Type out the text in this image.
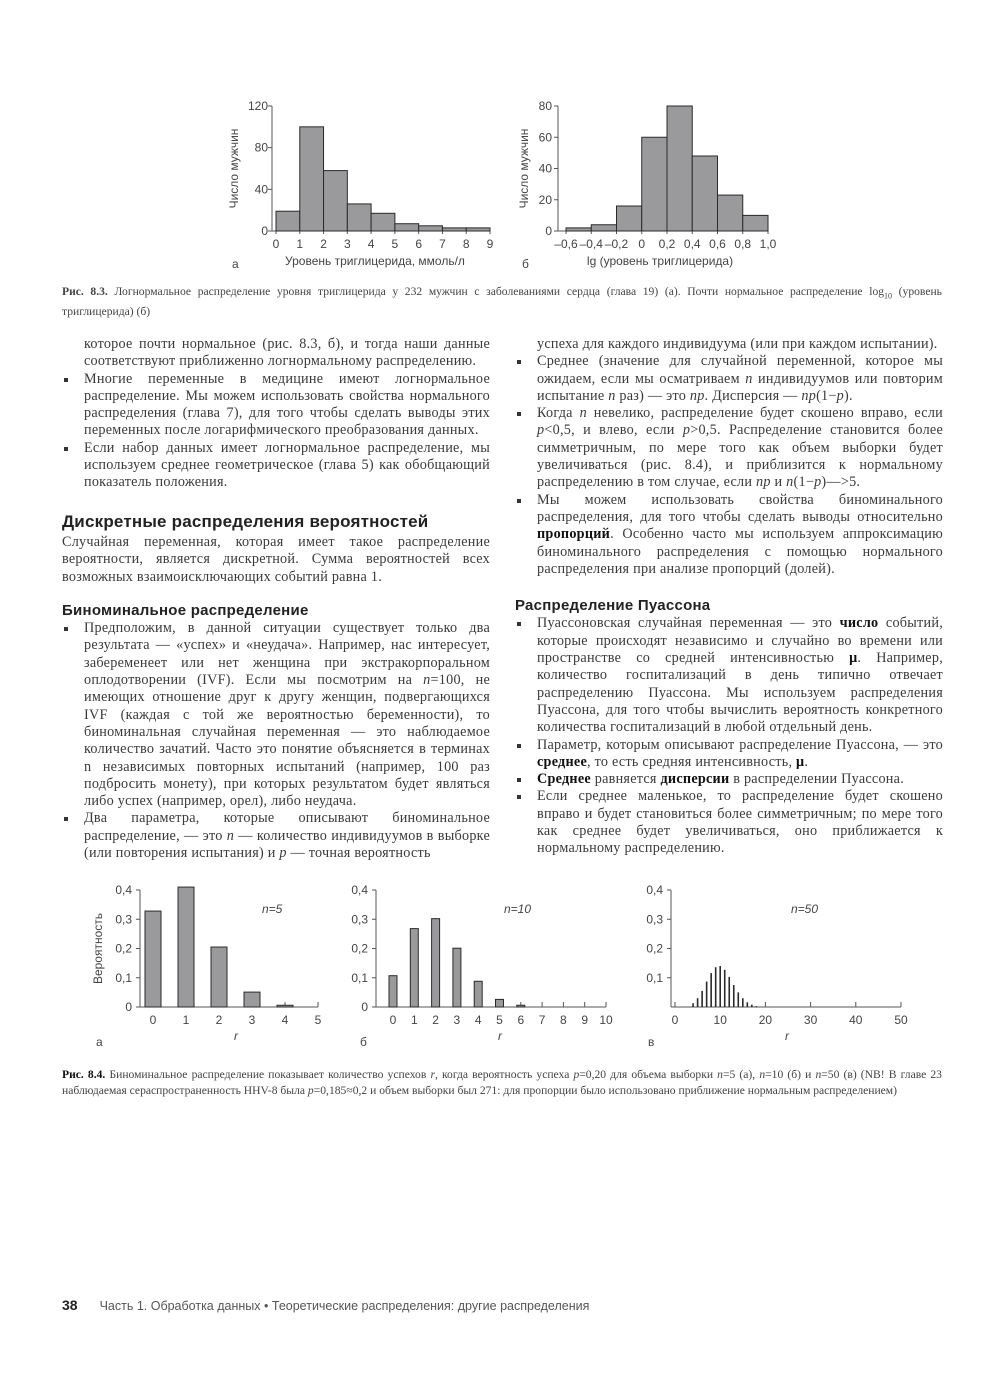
0
40
80
120
0 1 2 3 4 5 6 7 8 9
Уровень триглицерида, ммоль/л
Число мужчин
а
0
20
40
60
80
–0,6 –0,4 –0,2 0 0,2 0,4 0,6 0,8 1,0
lg (уровень триглицерида)
Число мужчин
б
0
0,1
0,2
0,3
0,4
0 1 2 3 4 5
r
Вероятность
а
n=5
0
0,1
0,2
0,3
0,4
0 1 2 3 4 5 6 7 8 9 10
r
б
n=10
0,1
0,2
0,3
0,4
0	10	20	30	40	50
r
в
n=50
Рис. 8.3. Логнормальное распределение уровня триглицерида у 232 мужчин с заболеваниями сердца (глава 19) (а). Почти нормальное распределение $\log_{10}$ (уровень триглицерида) (б)

которое почти нормальное (рис. 8.3, б), и тогда наши данные соответствуют приближенно логнормальному распределению.

Многие переменные в медицине имеют логнормальное распределение. Мы можем использовать свойства нормального распределения (глава 7), для того чтобы сделать выводы этих переменных после логарифмического преобразования данных.

Если набор данных имеет логнормальное распределение, мы используем среднее геометрическое (глава 5) как обобщающий показатель положения.

Дискретные распределения вероятностей

Случайная переменная, которая имеет такое распределение вероятности, является дискретной. Сумма вероятностей всех возможных взаимоисключающих событий равна 1.

Биноминальное распределение

Предположим, в данной ситуации существует только два результата — «успех» и «неудача». Например, нас интересует, забеременеет или нет женщина при экстракорпоральном оплодотворении (IVF). Если мы посмотрим на n=100, не имеющих отношение друг к другу женщин, подвергающихся IVF (каждая с той же вероятностью беременности), то биноминальная случайная переменная — это наблюдаемое количество зачатий. Часто это понятие объясняется в терминах n независимых повторных испытаний (например, 100 раз подбросить монету), при которых результатом будет являться либо успех (например, орел), либо неудача.

Два параметра, которые описывают биноминальное распределение, — это n — количество индивидуумов в выборке (или повторения испытания) и p — точная вероятность

успеха для каждого индивидуума (или при каждом испытании).

Среднее (значение для случайной переменной, которое мы ожидаем, если мы осматриваем n индивидуумов или повторим испытание n раз) — это np. Дисперсия — np(1−p).

Когда n невелико, распределение будет скошено вправо, если p<0,5, и влево, если p>0,5. Распределение становится более симметричным, по мере того как объем выборки будет увеличиваться (рис. 8.4), и приблизится к нормальному распределению в том случае, если np и n(1−p)—>5.

Мы можем использовать свойства биноминального распределения, для того чтобы сделать выводы относительно пропорций. Особенно часто мы используем аппроксимацию биноминального распределения с помощью нормального распределения при анализе пропорций (долей).

Распределение Пуассона

Пуассоновская случайная переменная — это число событий, которые происходят независимо и случайно во времени или пространстве со средней интенсивностью μ. Например, количество госпитализаций в день типично отвечает распределению Пуассона. Мы используем распределения Пуассона, для того чтобы вычислить вероятность конкретного количества госпитализаций в любой отдельный день.

Параметр, которым описывают распределение Пуассона, — это среднее, то есть средняя интенсивность, μ.

Среднее равняется дисперсии в распределении Пуассона.

Если среднее маленькое, то распределение будет скошено вправо и будет становиться более симметричным; по мере того как среднее будет увеличиваться, оно приближается к нормальному распределению.

Рис. 8.4. Биноминальное распределение показывает количество успехов r, когда вероятность успеха p=0,20 для объема выборки n=5 (а), n=10 (б) и n=50 (в) (NB! В главе 23 наблюдаемая сераспространенность HHV-8 была p=0,185≈0,2 и объем выборки был 271: для пропорции было использовано приближение нормальным распределением)
38 Часть 1. Обработка данных • Теоретические распределения: другие распределения
